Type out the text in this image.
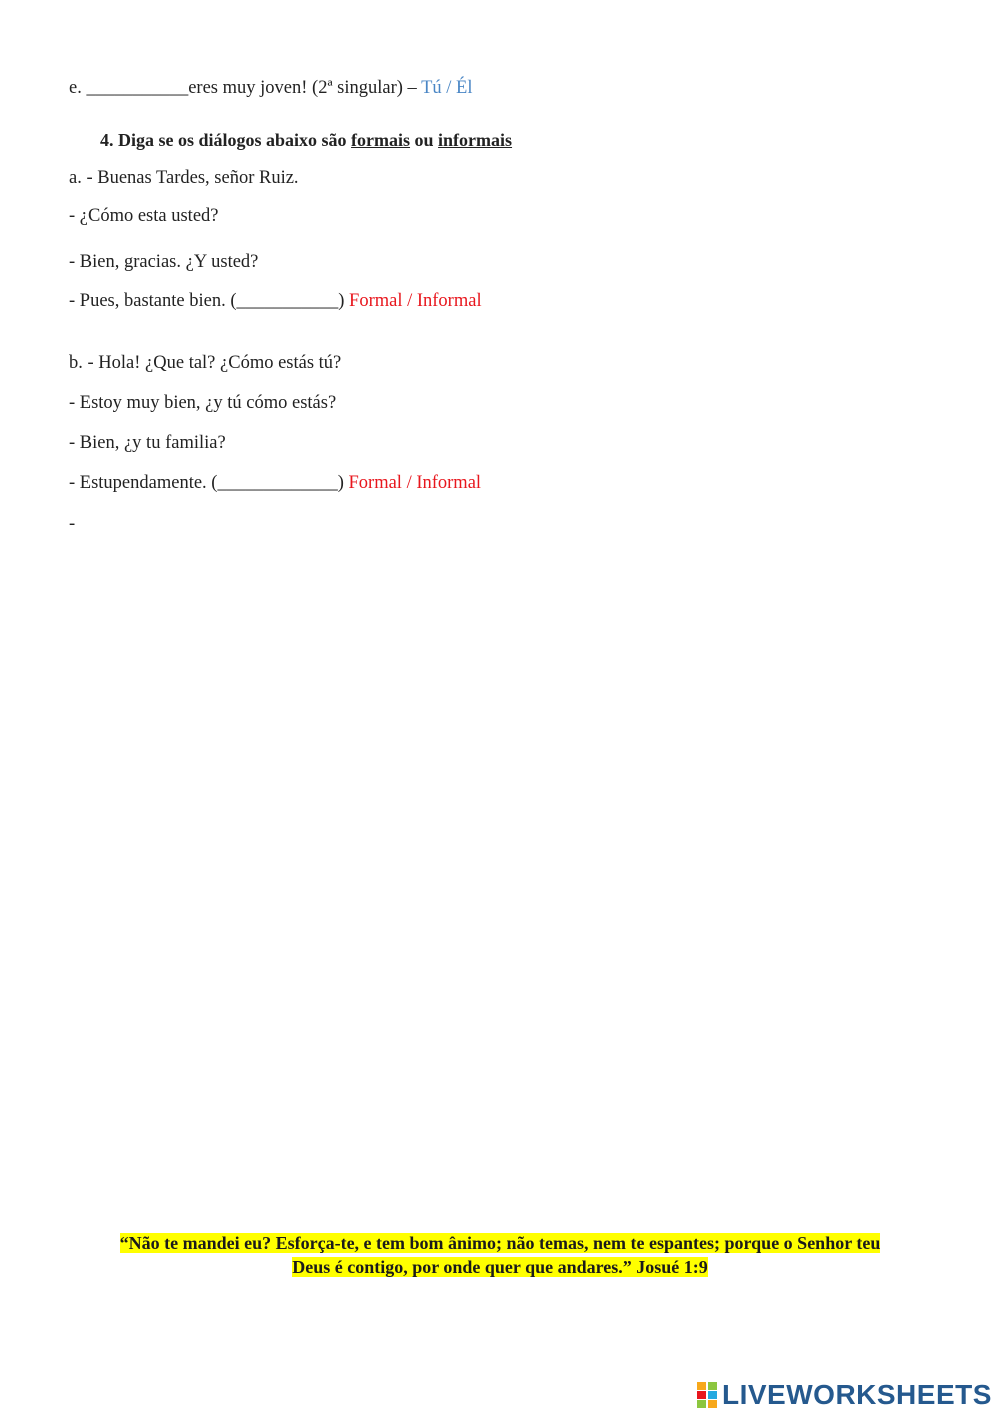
e. ___________eres muy joven! (2ª singular) – Tú / Él
4. Diga se os diálogos abaixo são formais ou informais
a. - Buenas Tardes, señor Ruiz.
- ¿Cómo esta usted?
- Bien, gracias. ¿Y usted?
- Pues, bastante bien. (___________) Formal / Informal
b. - Hola! ¿Que tal? ¿Cómo estás tú?
- Estoy muy bien, ¿y tú cómo estás?
- Bien, ¿y tu familia?
- Estupendamente. (_____________) Formal / Informal
-
“Não te mandei eu? Esforça-te, e tem bom ânimo; não temas, nem te espantes; porque o Senhor teu
Deus é contigo, por onde quer que andares.” Josué 1:9
LIVEWORKSHEETS
